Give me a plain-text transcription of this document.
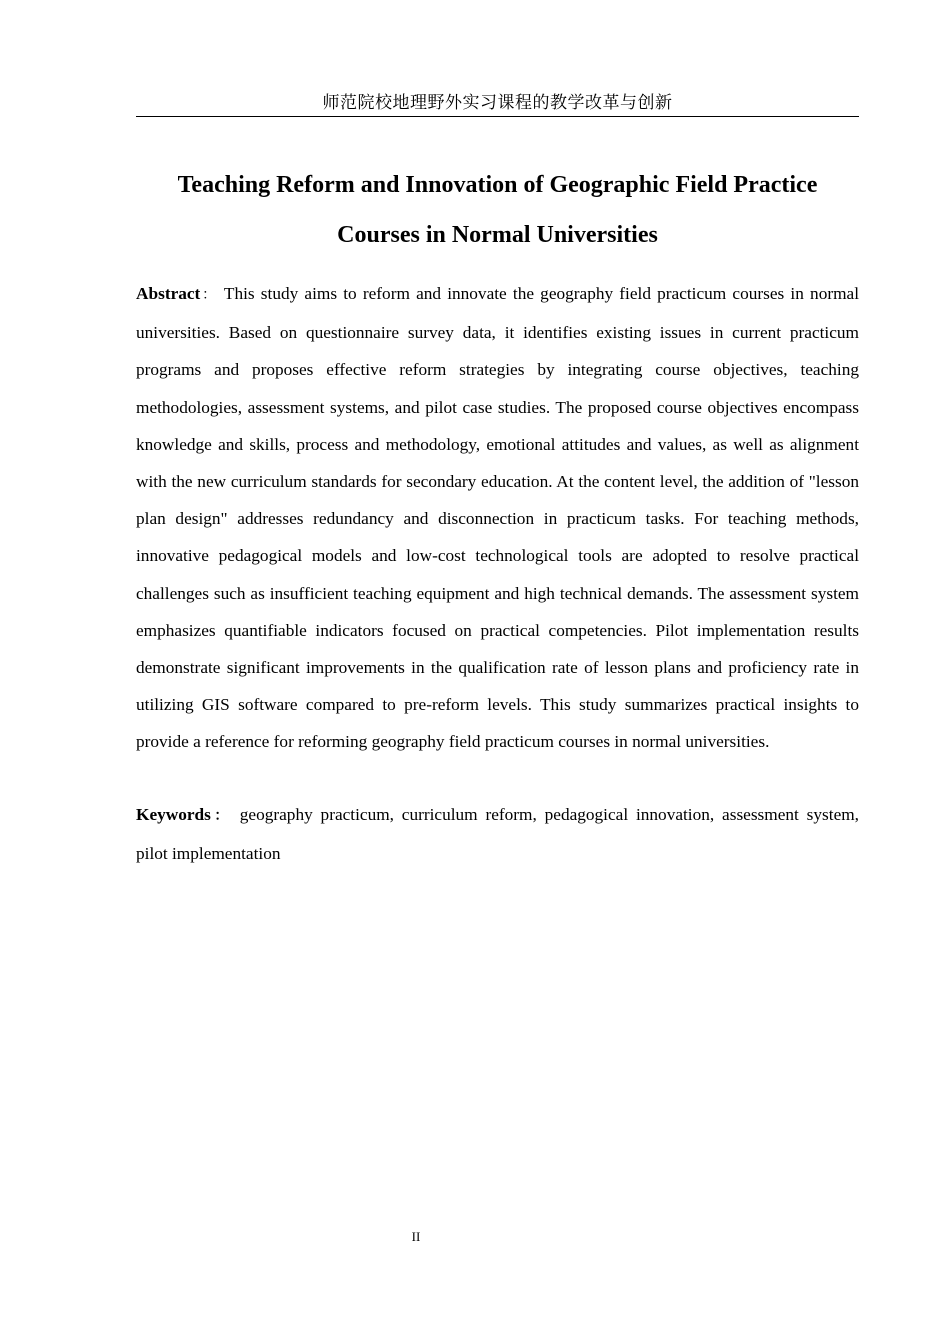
师范院校地理野外实习课程的教学改革与创新
Teaching Reform and Innovation of Geographic Field Practice
Courses in Normal Universities

Abstract： This study aims to reform and innovate the geography field practicum courses in normal universities. Based on questionnaire survey data, it identifies existing issues in current practicum programs and proposes effective reform strategies by integrating course objectives, teaching methodologies, assessment systems, and pilot case studies. The proposed course objectives encompass knowledge and skills, process and methodology, emotional attitudes and values, as well as alignment with the new curriculum standards for secondary education. At the content level, the addition of "lesson plan design" addresses redundancy and disconnection in practicum tasks. For teaching methods, innovative pedagogical models and low-cost technological tools are adopted to resolve practical challenges such as insufficient teaching equipment and high technical demands. The assessment system emphasizes quantifiable indicators focused on practical competencies. Pilot implementation results demonstrate significant improvements in the qualification rate of lesson plans and proficiency rate in utilizing GIS software compared to pre-reform levels. This study summarizes practical insights to provide a reference for reforming geography field practicum courses in normal universities.

Keywords： geography practicum, curriculum reform, pedagogical innovation, assessment system, pilot implementation

II
